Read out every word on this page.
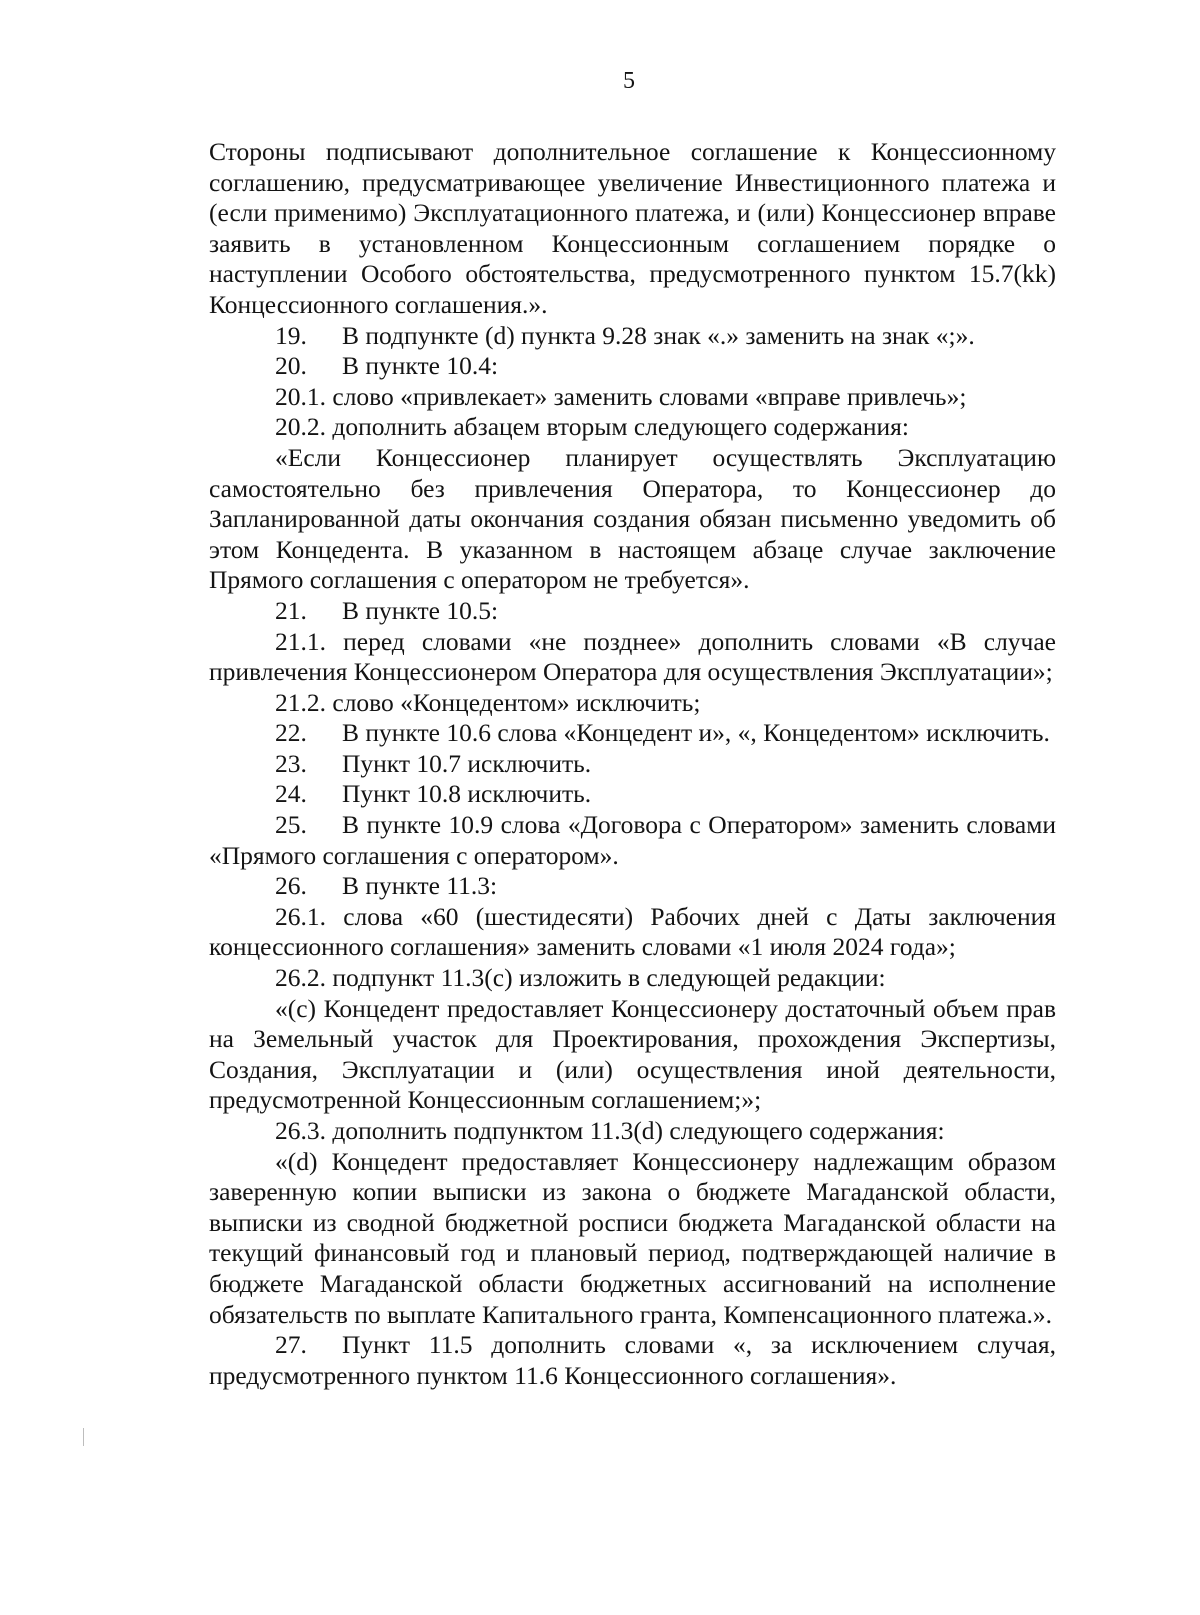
5

Стороны подписывают дополнительное соглашение к Концессионному соглашению, предусматривающее увеличение Инвестиционного платежа и (если применимо) Эксплуатационного платежа, и (или) Концессионер вправе заявить в установленном Концессионным соглашением порядке о наступлении Особого обстоятельства, предусмотренного пунктом 15.7(kk) Концессионного соглашения.».

19. В подпункте (d) пункта 9.28 знак «.» заменить на знак «;».

20. В пункте 10.4:

20.1. слово «привлекает» заменить словами «вправе привлечь»;

20.2. дополнить абзацем вторым следующего содержания:

«Если Концессионер планирует осуществлять Эксплуатацию самостоятельно без привлечения Оператора, то Концессионер до Запланированной даты окончания создания обязан письменно уведомить об этом Концедента. В указанном в настоящем абзаце случае заключение Прямого соглашения с оператором не требуется».

21. В пункте 10.5:

21.1. перед словами «не позднее» дополнить словами «В случае привлечения Концессионером Оператора для осуществления Эксплуатации»;

21.2. слово «Концедентом» исключить;

22. В пункте 10.6 слова «Концедент и», «, Концедентом» исключить.

23. Пункт 10.7 исключить.

24. Пункт 10.8 исключить.

25. В пункте 10.9 слова «Договора с Оператором» заменить словами «Прямого соглашения с оператором».

26. В пункте 11.3:

26.1. слова «60 (шестидесяти) Рабочих дней с Даты заключения концессионного соглашения» заменить словами «1 июля 2024 года»;

26.2. подпункт 11.3(c) изложить в следующей редакции:

«(c) Концедент предоставляет Концессионеру достаточный объем прав на Земельный участок для Проектирования, прохождения Экспертизы, Создания, Эксплуатации и (или) осуществления иной деятельности, предусмотренной Концессионным соглашением;»;

26.3. дополнить подпунктом 11.3(d) следующего содержания:

«(d) Концедент предоставляет Концессионеру надлежащим образом заверенную копии выписки из закона о бюджете Магаданской области, выписки из сводной бюджетной росписи бюджета Магаданской области на текущий финансовый год и плановый период, подтверждающей наличие в бюджете Магаданской области бюджетных ассигнований на исполнение обязательств по выплате Капитального гранта, Компенсационного платежа.».

27. Пункт 11.5 дополнить словами «, за исключением случая, предусмотренного пунктом 11.6 Концессионного соглашения».
